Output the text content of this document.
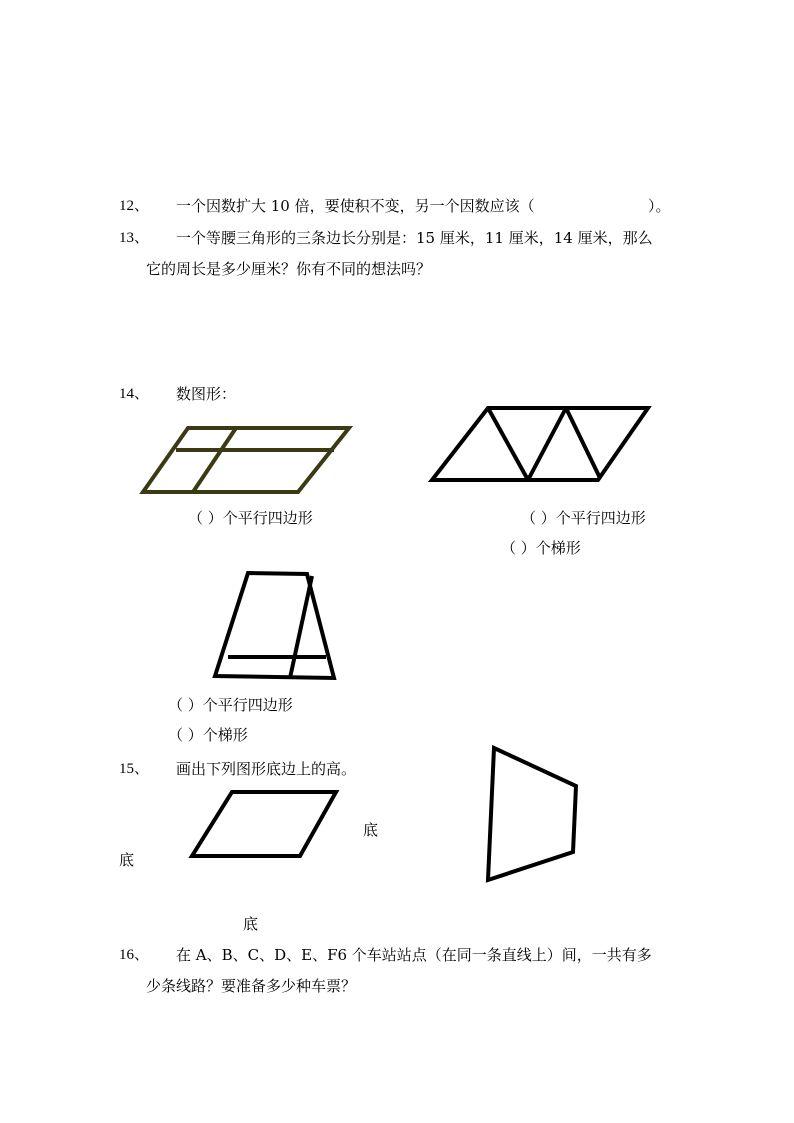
12、 一个因数扩大 10 倍，要使积不变，另一个因数应该（	）。
13、 一个等腰三角形的三条边长分别是：15 厘米，11 厘米，14 厘米，那么
它的周长是多少厘米？你有不同的想法吗？
14、 数图形：
（ ）个平行四边形	（ ）个平行四边形
（ ）个梯形
（ ）个平行四边形
（ ）个梯形
15、 画出下列图形底边上的高。
底
底
底
16、 在 A、B、C、D、E、F6 个车站站点（在同一条直线上）间，一共有多
少条线路？要准备多少种车票？
